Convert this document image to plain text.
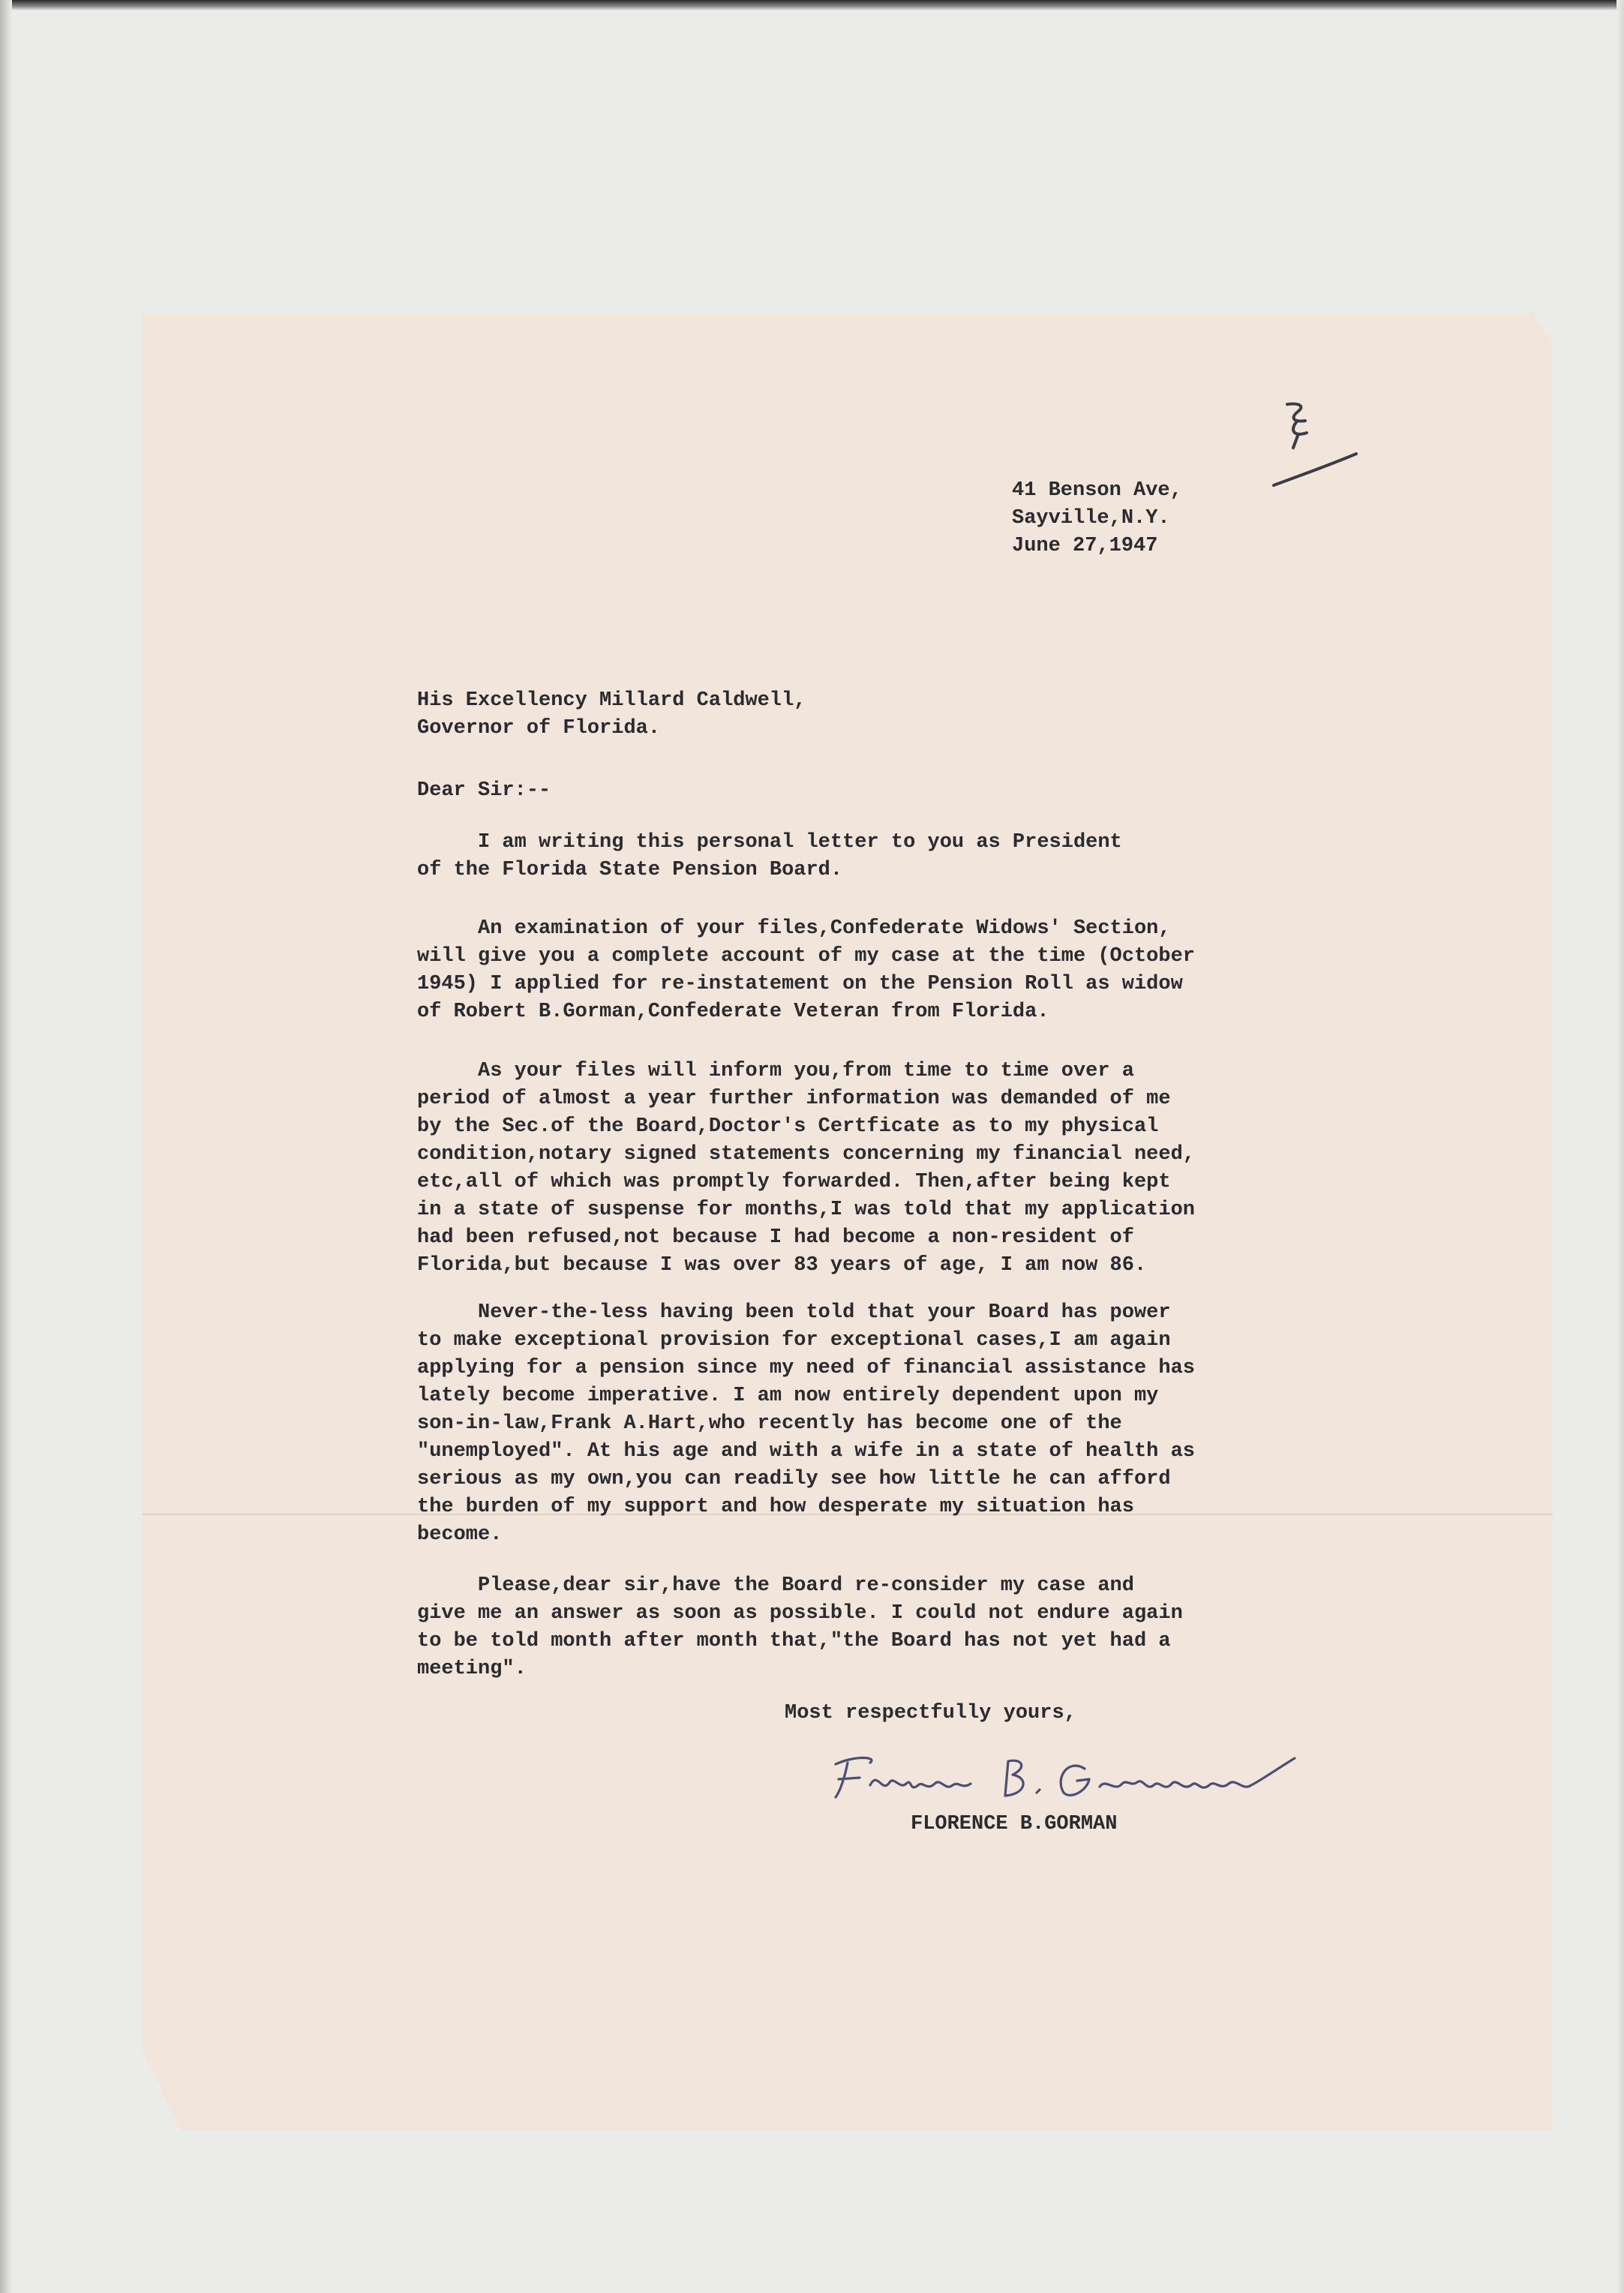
41 Benson Ave,
Sayville,N.Y.
June 27,1947
His Excellency Millard Caldwell,
Governor of Florida.
Dear Sir:--
I am writing this personal letter to you as President
of the Florida State Pension Board.
An examination of your files,Confederate Widows' Section,
will give you a complete account of my case at the time (October
1945) I applied for re-instatement on the Pension Roll as widow
of Robert B.Gorman,Confederate Veteran from Florida.
As your files will inform you,from time to time over a
period of almost a year further information was demanded of me
by the Sec.of the Board,Doctor's Certficate as to my physical
condition,notary signed statements concerning my financial need,
etc,all of which was promptly forwarded. Then,after being kept
in a state of suspense for months,I was told that my application
had been refused,not because I had become a non-resident of
Florida,but because I was over 83 years of age, I am now 86.
Never-the-less having been told that your Board has power
to make exceptional provision for exceptional cases,I am again
applying for a pension since my need of financial assistance has
lately become imperative. I am now entirely dependent upon my
son-in-law,Frank A.Hart,who recently has become one of the
"unemployed". At his age and with a wife in a state of health as
serious as my own,you can readily see how little he can afford
the burden of my support and how desperate my situation has
become.
Please,dear sir,have the Board re-consider my case and
give me an answer as soon as possible. I could not endure again
to be told month after month that,"the Board has not yet had a
meeting".
Most respectfully yours,
FLORENCE B.GORMAN
